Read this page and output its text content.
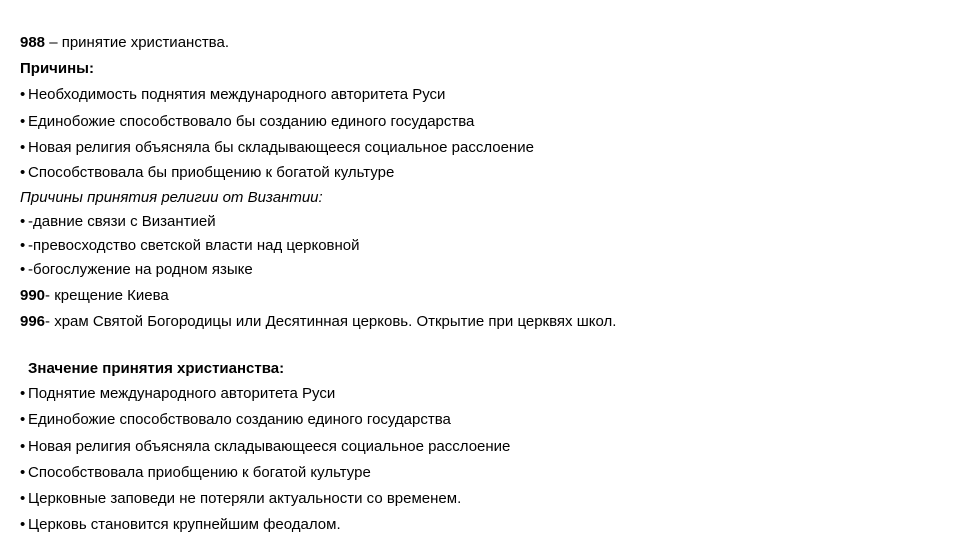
988 – принятие христианства.
Причины:
• Необходимость поднятия международного авторитета Руси
• Единобожие способствовало бы созданию единого государства
• Новая религия объясняла бы складывающееся социальное расслоение
• Способствовала бы приобщению к богатой культуре
Причины принятия религии от Византии:
• -давние связи с Византией
• -превосходство светской власти над церковной
• -богослужение на родном языке
990- крещение Киева
996- храм Святой Богородицы или Десятинная церковь. Открытие при церквях школ.
Значение принятия христианства:
• Поднятие международного авторитета Руси
• Единобожие способствовало созданию единого государства
• Новая религия объясняла складывающееся социальное расслоение
• Способствовала приобщению к богатой культуре
• Церковные заповеди не потеряли актуальности со временем.
• Церковь становится крупнейшим феодалом.
